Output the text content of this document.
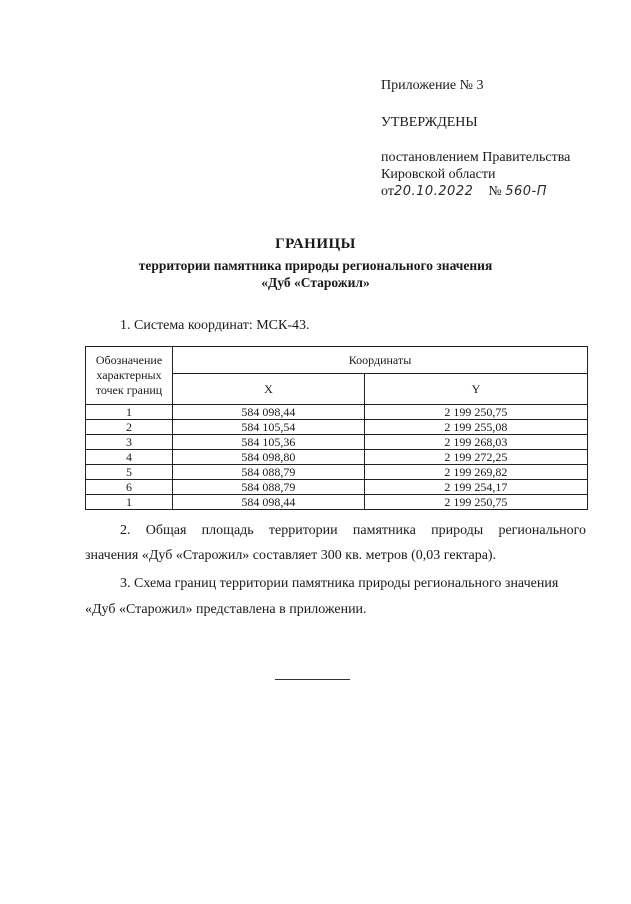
Приложение № 3
УТВЕРЖДЕНЫ
постановлением Правительства
Кировской области
от20.10.2022 № 560-П
ГРАНИЦЫ
территории памятника природы регионального значения
«Дуб «Старожил»
1. Система координат: МСК-43.
Обозначение характерных точек границ	Координаты	
	X	Y
1	584 098,44	2 199 250,75
2	584 105,54	2 199 255,08
3	584 105,36	2 199 268,03
4	584 098,80	2 199 272,25
5	584 088,79	2 199 269,82
6	584 088,79	2 199 254,17
1	584 098,44	2 199 250,75
2. Общая площадь территории памятника природы регионального
значения «Дуб «Старожил» составляет 300 кв. метров (0,03 гектара).
3. Схема границ территории памятника природы регионального значения
«Дуб «Старожил» представлена в приложении.
